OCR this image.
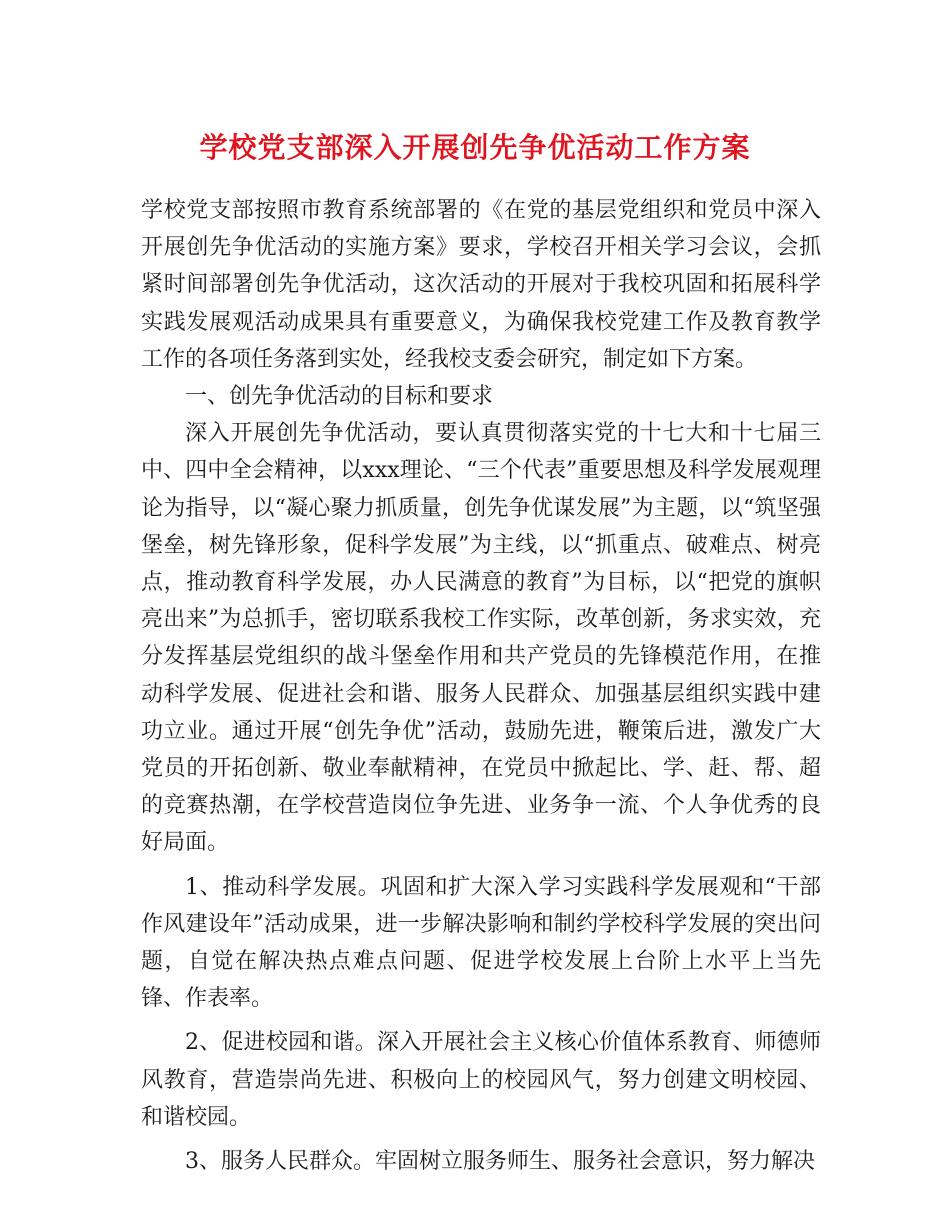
学校党支部深入开展创先争优活动工作方案

学校党支部按照市教育系统部署的《在党的基层党组织和党员中深入开展创先争优活动的实施方案》要求，学校召开相关学习会议，会抓紧时间部署创先争优活动，这次活动的开展对于我校巩固和拓展科学实践发展观活动成果具有重要意义，为确保我校党建工作及教育教学工作的各项任务落到实处，经我校支委会研究，制定如下方案。

一、创先争优活动的目标和要求

深入开展创先争优活动，要认真贯彻落实党的十七大和十七届三中、四中全会精神，以xxx理论、“三个代表”重要思想及科学发展观理论为指导，以“凝心聚力抓质量，创先争优谋发展”为主题，以“筑坚强堡垒，树先锋形象，促科学发展”为主线，以“抓重点、破难点、树亮点，推动教育科学发展，办人民满意的教育”为目标，以“把党的旗帜亮出来”为总抓手，密切联系我校工作实际，改革创新，务求实效，充分发挥基层党组织的战斗堡垒作用和共产党员的先锋模范作用，在推动科学发展、促进社会和谐、服务人民群众、加强基层组织实践中建功立业。通过开展“创先争优”活动，鼓励先进，鞭策后进，激发广大党员的开拓创新、敬业奉献精神，在党员中掀起比、学、赶、帮、超的竞赛热潮，在学校营造岗位争先进、业务争一流、个人争优秀的良好局面。

1、推动科学发展。巩固和扩大深入学习实践科学发展观和“干部作风建设年”活动成果，进一步解决影响和制约学校科学发展的突出问题，自觉在解决热点难点问题、促进学校发展上台阶上水平上当先锋、作表率。

2、促进校园和谐。深入开展社会主义核心价值体系教育、师德师风教育，营造崇尚先进、积极向上的校园风气，努力创建文明校园、和谐校园。

3、服务人民群众。牢固树立服务师生、服务社会意识，努力解决
